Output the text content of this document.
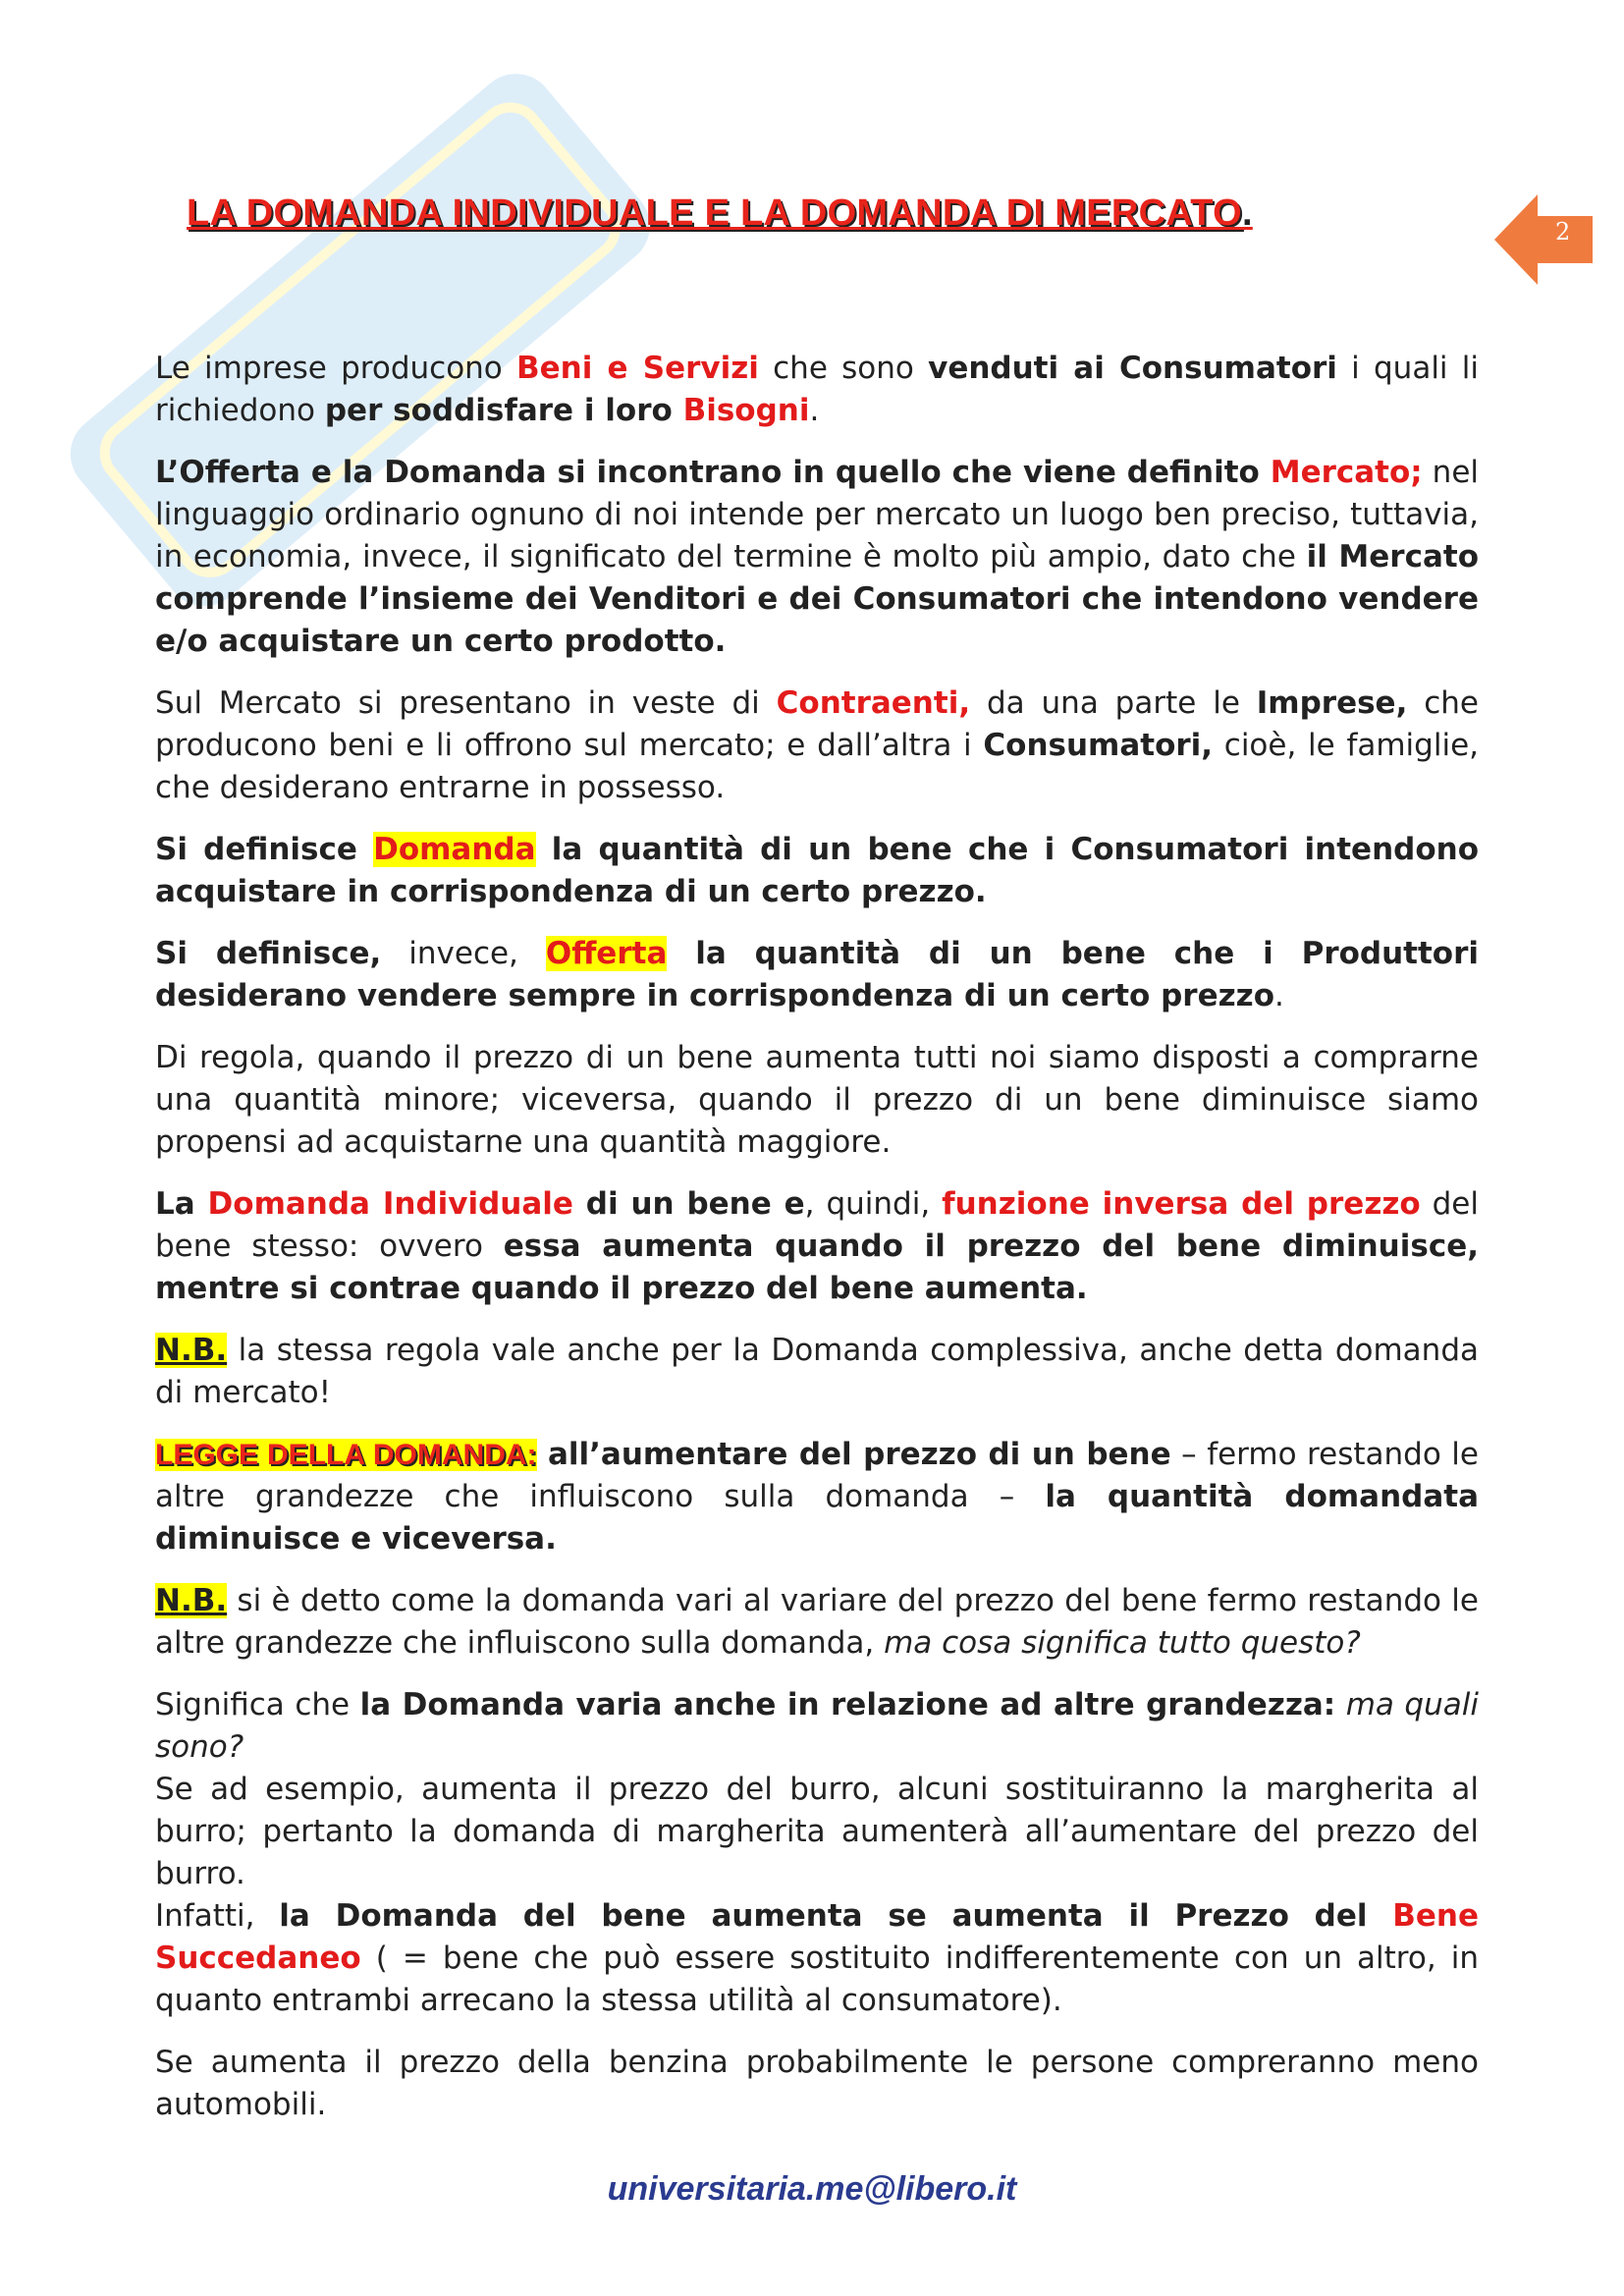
LA DOMANDA INDIVIDUALE E LA DOMANDA DI MERCATO.	2

Le imprese producono Beni e Servizi che sono venduti ai Consumatori i quali li richiedono per soddisfare i loro Bisogni.

L’Offerta e la Domanda si incontrano in quello che viene definito Mercato; nel linguaggio ordinario ognuno di noi intende per mercato un luogo ben preciso, tuttavia, in economia, invece, il significato del termine è molto più ampio, dato che il Mercato comprende l’insieme dei Venditori e dei Consumatori che intendono vendere e/o acquistare un certo prodotto.

Sul Mercato si presentano in veste di Contraenti, da una parte le Imprese, che producono beni e li offrono sul mercato; e dall’altra i Consumatori, cioè, le famiglie, che desiderano entrarne in possesso.

Si definisce Domanda la quantità di un bene che i Consumatori intendono acquistare in corrispondenza di un certo prezzo.

Si definisce, invece, Offerta la quantità di un bene che i Produttori desiderano vendere sempre in corrispondenza di un certo prezzo.

Di regola, quando il prezzo di un bene aumenta tutti noi siamo disposti a comprarne una quantità minore; viceversa, quando il prezzo di un bene diminuisce siamo propensi ad acquistarne una quantità maggiore.

La Domanda Individuale di un bene e, quindi, funzione inversa del prezzo del bene stesso: ovvero essa aumenta quando il prezzo del bene diminuisce, mentre si contrae quando il prezzo del bene aumenta.

N.B. la stessa regola vale anche per la Domanda complessiva, anche detta domanda di mercato!

LEGGE DELLA DOMANDA: all’aumentare del prezzo di un bene – fermo restando le altre grandezze che influiscono sulla domanda – la quantità domandata diminuisce e viceversa.

N.B. si è detto come la domanda vari al variare del prezzo del bene fermo restando le altre grandezze che influiscono sulla domanda, ma cosa significa tutto questo?

Significa che la Domanda varia anche in relazione ad altre grandezza: ma quali sono?

Se ad esempio, aumenta il prezzo del burro, alcuni sostituiranno la margherita al burro; pertanto la domanda di margherita aumenterà all’aumentare del prezzo del burro.

Infatti, la Domanda del bene aumenta se aumenta il Prezzo del Bene Succedaneo ( = bene che può essere sostituito indifferentemente con un altro, in quanto entrambi arrecano la stessa utilità al consumatore).

Se aumenta il prezzo della benzina probabilmente le persone compreranno meno automobili.

universitaria.me@libero.it
